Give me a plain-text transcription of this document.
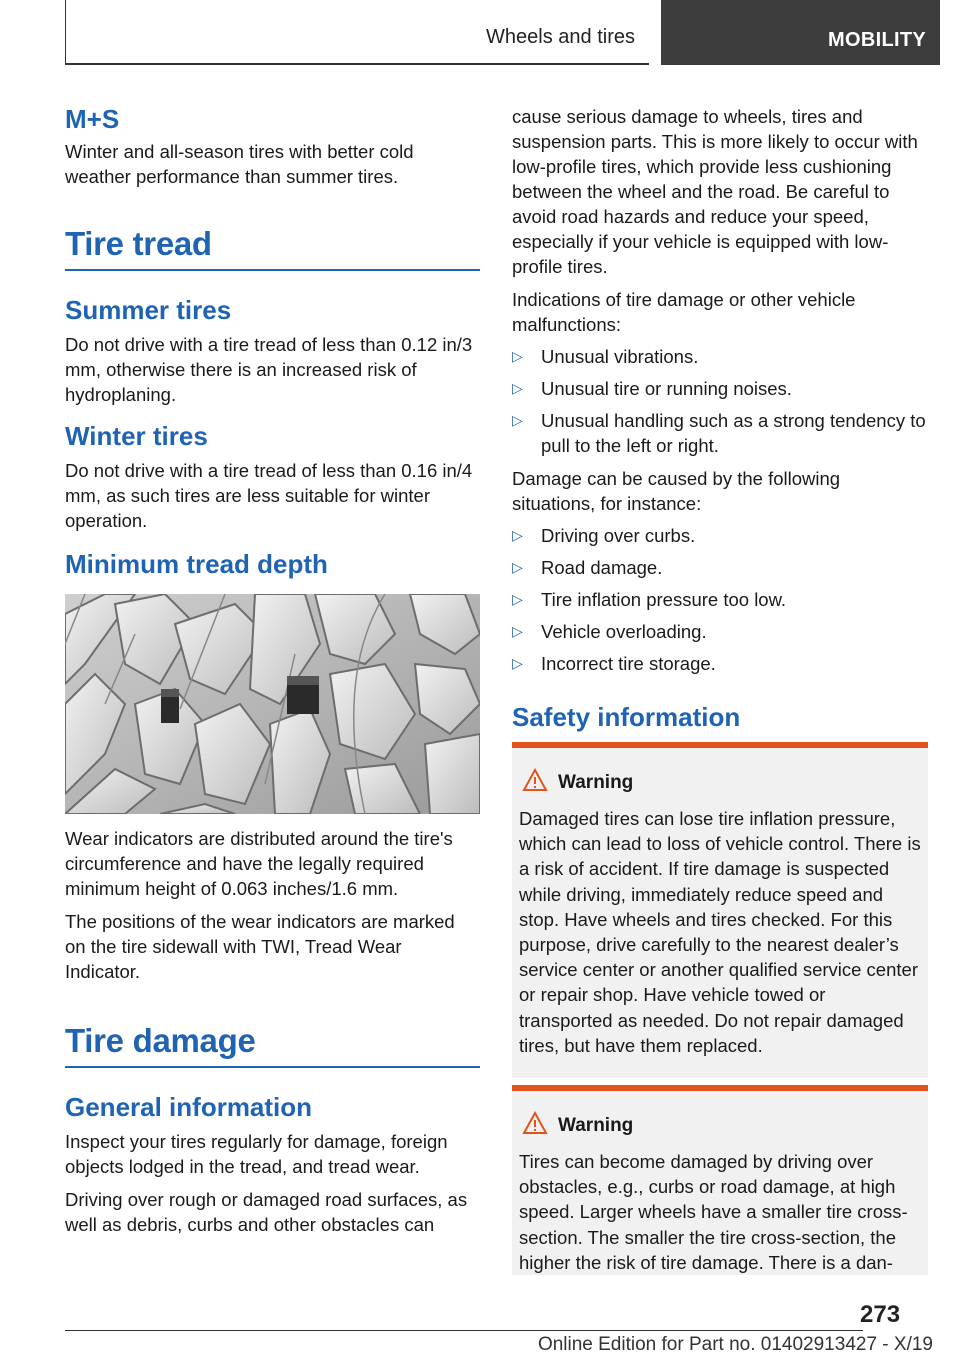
Wheels and tires	MOBILITY
M+S

Winter and all-season tires with better cold weather performance than summer tires.

Tire tread
Summer tires

Do not drive with a tire tread of less than 0.12 in/3 mm, otherwise there is an increased risk of hydroplaning.

Winter tires

Do not drive with a tire tread of less than 0.16 in/4 mm, as such tires are less suitable for winter operation.

Minimum tread depth

Wear indicators are distributed around the tire's circumference and have the legally required minimum height of 0.063 inches/1.6 mm.

The positions of the wear indicators are marked on the tire sidewall with TWI, Tread Wear Indicator.

Tire damage
General information

Inspect your tires regularly for damage, foreign objects lodged in the tread, and tread wear.

Driving over rough or damaged road surfaces, as well as debris, curbs and other obstacles can

cause serious damage to wheels, tires and suspension parts. This is more likely to occur with low-profile tires, which provide less cushioning between the wheel and the road. Be careful to avoid road hazards and reduce your speed, especially if your vehicle is equipped with low-profile tires.

Indications of tire damage or other vehicle malfunctions:

▷ Unusual vibrations.
▷ Unusual tire or running noises.
▷ Unusual handling such as a strong tendency to pull to the left or right.

Damage can be caused by the following situations, for instance:

▷ Driving over curbs.
▷ Road damage.
▷ Tire inflation pressure too low.
▷ Vehicle overloading.
▷ Incorrect tire storage.
Safety information
Warning
Damaged tires can lose tire inflation pressure, which can lead to loss of vehicle control. There is a risk of accident. If tire damage is suspected while driving, immediately reduce speed and stop. Have wheels and tires checked. For this purpose, drive carefully to the nearest dealer’s service center or another qualified service center or repair shop. Have vehicle towed or transported as needed. Do not repair damaged tires, but have them replaced.
Warning
Tires can become damaged by driving over obstacles, e.g., curbs or road damage, at high speed. Larger wheels have a smaller tire cross-section. The smaller the tire cross-section, the higher the risk of tire damage. There is a dan-
273
Online Edition for Part no. 01402913427 - X/19
